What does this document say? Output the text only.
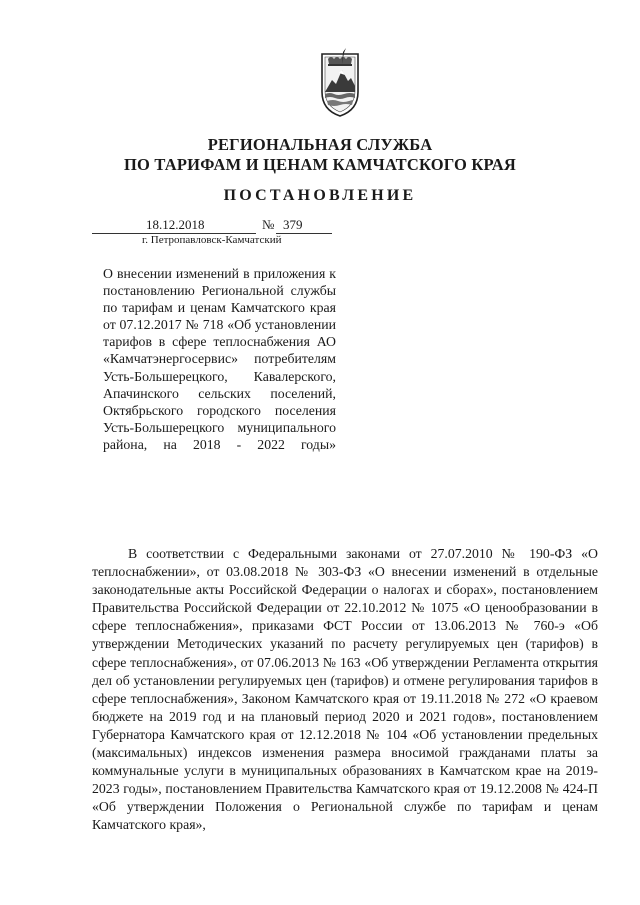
РЕГИОНАЛЬНАЯ СЛУЖБА
ПО ТАРИФАМ И ЦЕНАМ КАМЧАТСКОГО КРАЯ
ПОСТАНОВЛЕНИЕ
18.12.2018	№ 379
г. Петропавловск-Камчатский
О внесении изменений в приложения к постановлению Региональной службы по тарифам и ценам Камчатского края от 07.12.2017 № 718 «Об установлении тарифов в сфере теплоснабжения АО «Камчатэнергосервис» потребителям Усть-Большерецкого, Кавалерского, Апачинского сельских поселений, Октябрьского городского поселения Усть-Большерецкого муниципального района, на 2018 - 2022 годы»
В соответствии с Федеральными законами от 27.07.2010 № 190-ФЗ «О теплоснабжении», от 03.08.2018 № 303-ФЗ «О внесении изменений в отдельные законодательные акты Российской Федерации о налогах и сборах», постановлением Правительства Российской Федерации от 22.10.2012 № 1075 «О ценообразовании в сфере теплоснабжения», приказами ФСТ России от 13.06.2013 № 760-э «Об утверждении Методических указаний по расчету регулируемых цен (тарифов) в сфере теплоснабжения», от 07.06.2013 № 163 «Об утверждении Регламента открытия дел об установлении регулируемых цен (тарифов) и отмене регулирования тарифов в сфере теплоснабжения», Законом Камчатского края от 19.11.2018 № 272 «О краевом бюджете на 2019 год и на плановый период 2020 и 2021 годов», постановлением Губернатора Камчатского края от 12.12.2018 № 104 «Об установлении предельных (максимальных) индексов изменения размера вносимой гражданами платы за коммунальные услуги в муниципальных образованиях в Камчатском крае на 2019-2023 годы», постановлением Правительства Камчатского края от 19.12.2008 № 424-П «Об утверждении Положения о Региональной службе по тарифам и ценам Камчатского края»,
